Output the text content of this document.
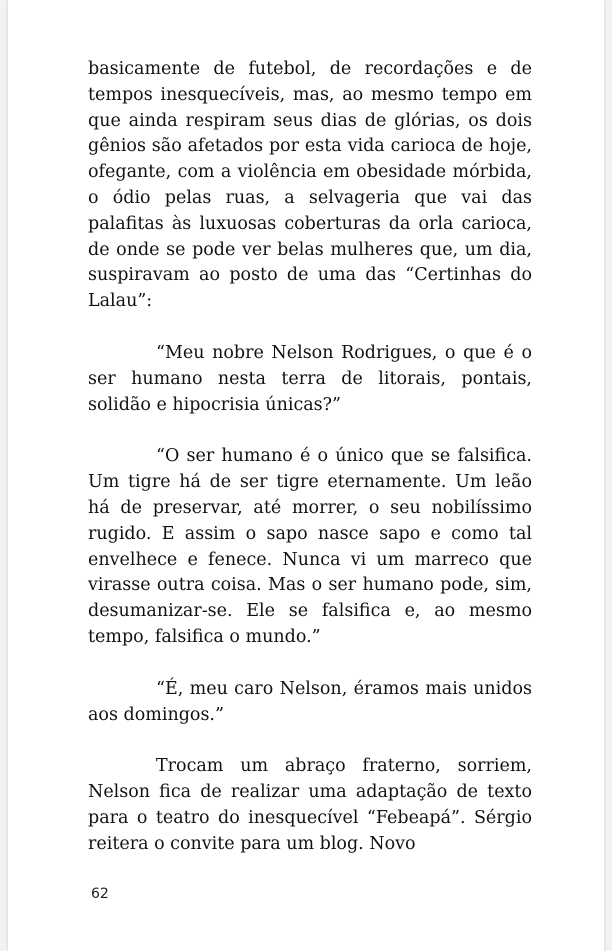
basicamente de futebol, de recordações e de tempos inesquecíveis, mas, ao mesmo tempo em que ainda respiram seus dias de glórias, os dois gênios são afetados por esta vida carioca de hoje, ofegante, com a violência em obesidade mórbida, o ódio pelas ruas, a selvageria que vai das palafitas às luxuosas coberturas da orla carioca, de onde se pode ver belas mulheres que, um dia, suspiravam ao posto de uma das “Certinhas do Lalau”:

“Meu nobre Nelson Rodrigues, o que é o ser humano nesta terra de litorais, pontais, solidão e hipocrisia únicas?”

“O ser humano é o único que se falsifica. Um tigre há de ser tigre eternamente. Um leão há de preservar, até morrer, o seu nobilíssimo rugido. E assim o sapo nasce sapo e como tal envelhece e fenece. Nunca vi um marreco que virasse outra coisa. Mas o ser humano pode, sim, desumanizar-se. Ele se falsifica e, ao mesmo tempo, falsifica o mundo.”

“É, meu caro Nelson, éramos mais unidos aos domingos.”

Trocam um abraço fraterno, sorriem, Nelson fica de realizar uma adaptação de texto para o teatro do inesquecível “Febeapá”. Sérgio reitera o convite para um blog. Novo

62
